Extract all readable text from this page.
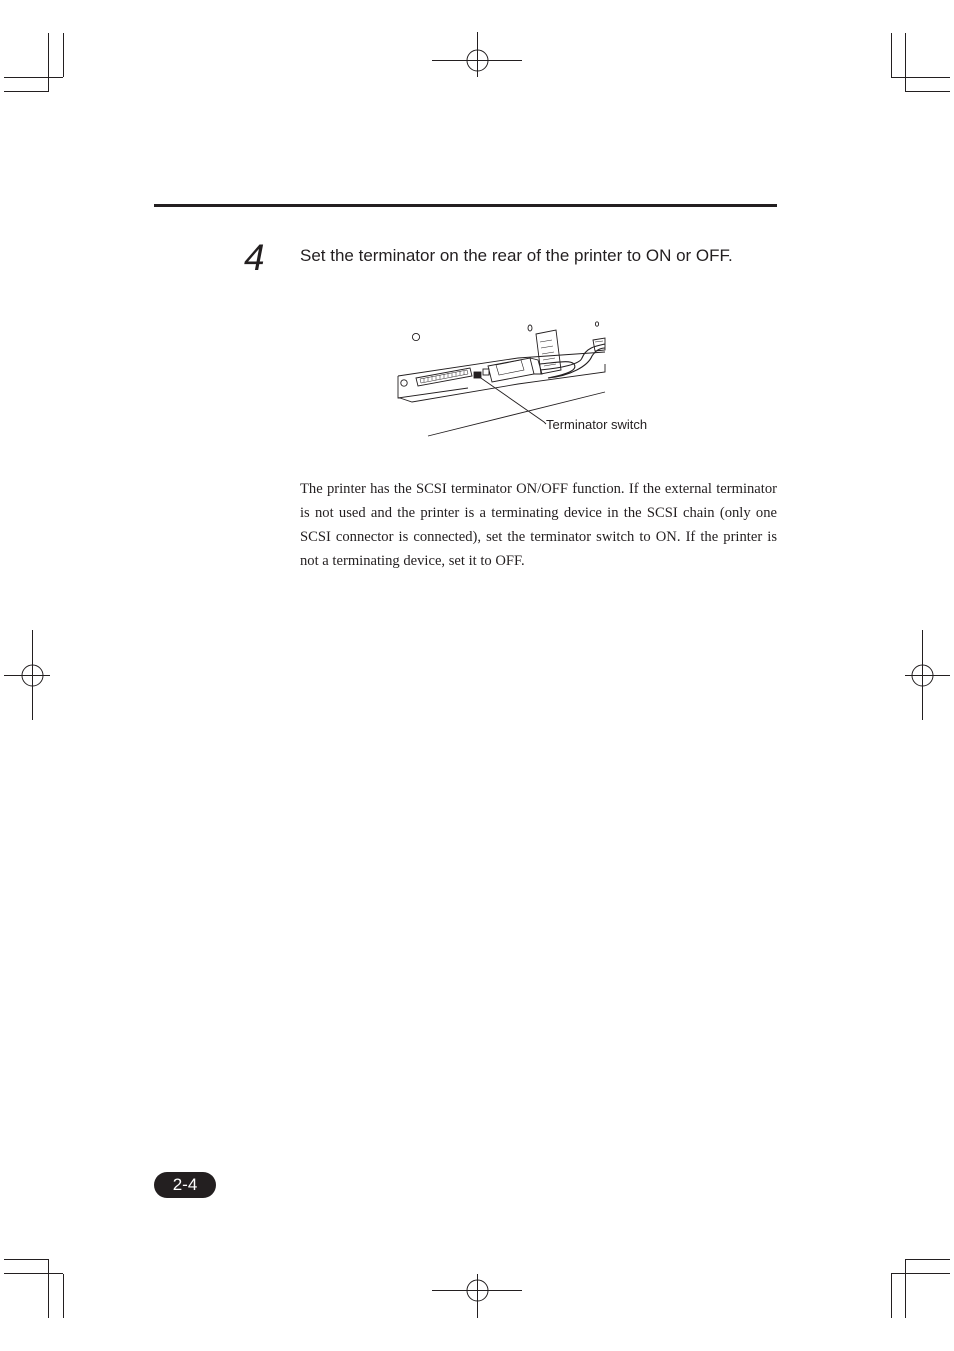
4 Set the terminator on the rear of the printer to ON or OFF.
Terminator switch

The printer has the SCSI terminator ON/OFF function. If the external terminator is not used and the printer is a terminating device in the SCSI chain (only one SCSI connector is connected), set the terminator switch to ON. If the printer is not a terminating device, set it to OFF.

2-4
